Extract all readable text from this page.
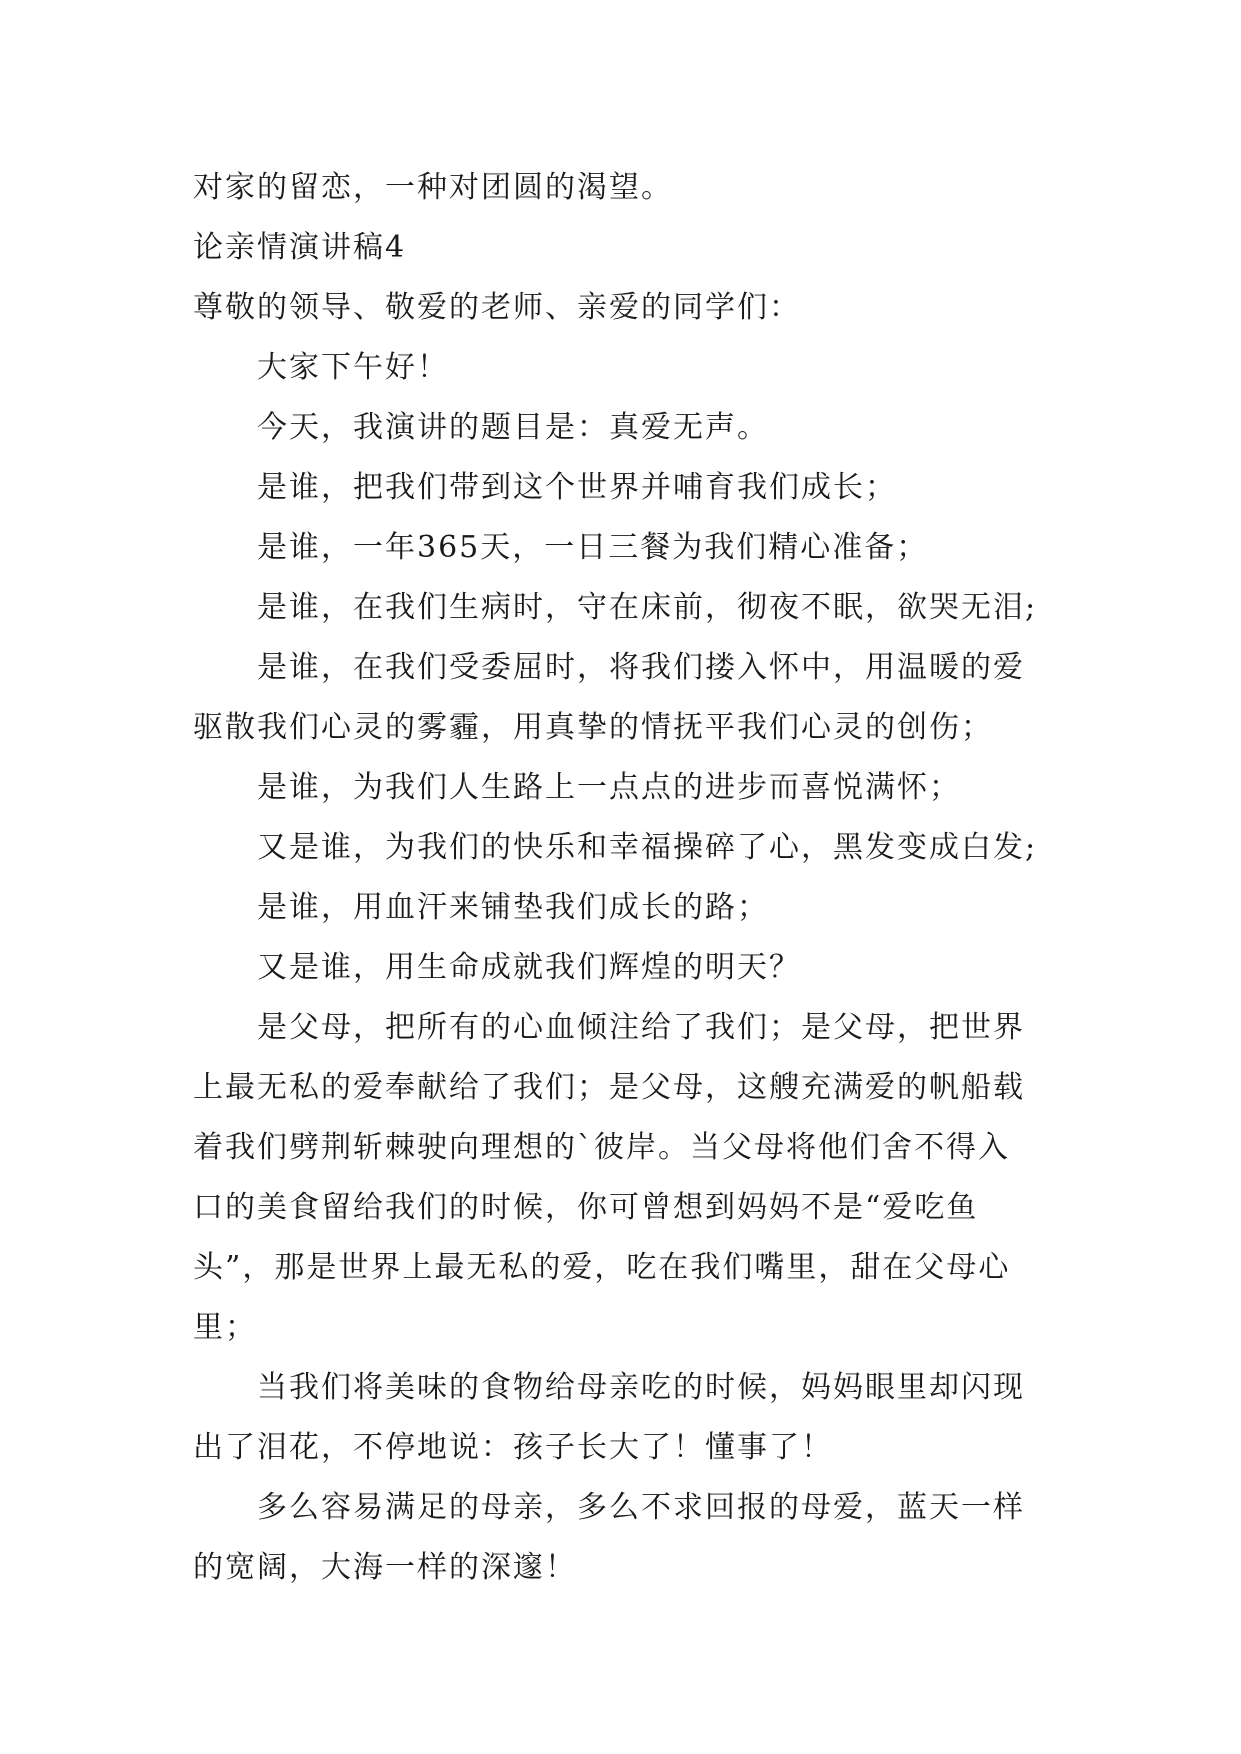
对家的留恋，一种对团圆的渴望。
论亲情演讲稿4
尊敬的领导、敬爱的老师、亲爱的同学们：
大家下午好！
今天，我演讲的题目是：真爱无声。
是谁，把我们带到这个世界并哺育我们成长；
是谁，一年365天，一日三餐为我们精心准备；
是谁，在我们生病时，守在床前，彻夜不眠，欲哭无泪;
是谁，在我们受委屈时，将我们搂入怀中，用温暖的爱
驱散我们心灵的雾霾，用真挚的情抚平我们心灵的创伤；
是谁，为我们人生路上一点点的进步而喜悦满怀；
又是谁，为我们的快乐和幸福操碎了心，黑发变成白发;
是谁，用血汗来铺垫我们成长的路；
又是谁，用生命成就我们辉煌的明天？
是父母，把所有的心血倾注给了我们；是父母，把世界
上最无私的爱奉献给了我们；是父母，这艘充满爱的帆船载
着我们劈荆斩棘驶向理想的`彼岸。当父母将他们舍不得入
口的美食留给我们的时候，你可曾想到妈妈不是“爱吃鱼
头”，那是世界上最无私的爱，吃在我们嘴里，甜在父母心
里；
当我们将美味的食物给母亲吃的时候，妈妈眼里却闪现
出了泪花，不停地说：孩子长大了！懂事了！
多么容易满足的母亲，多么不求回报的母爱，蓝天一样
的宽阔，大海一样的深邃！
